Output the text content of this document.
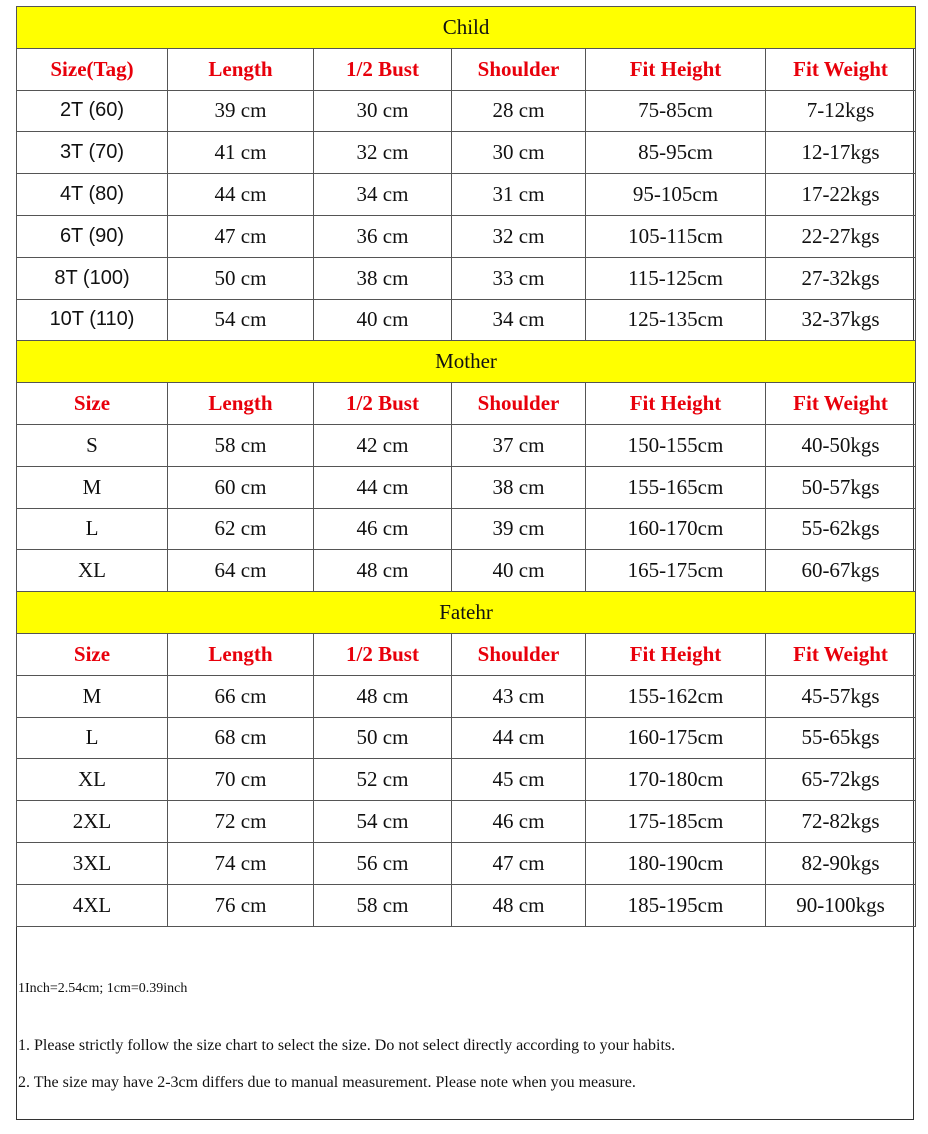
Child					
Size(Tag)	Length	1/2 Bust	Shoulder	Fit Height	Fit Weight
2T (60)	39 cm	30 cm	28 cm	75-85cm	7-12kgs
3T (70)	41 cm	32 cm	30 cm	85-95cm	12-17kgs
4T (80)	44 cm	34 cm	31 cm	95-105cm	17-22kgs
6T (90)	47 cm	36 cm	32 cm	105-115cm	22-27kgs
8T (100)	50 cm	38 cm	33 cm	115-125cm	27-32kgs
10T (110)	54 cm	40 cm	34 cm	125-135cm	32-37kgs
Mother					
Size	Length	1/2 Bust	Shoulder	Fit Height	Fit Weight
S	58 cm	42 cm	37 cm	150-155cm	40-50kgs
M	60 cm	44 cm	38 cm	155-165cm	50-57kgs
L	62 cm	46 cm	39 cm	160-170cm	55-62kgs
XL	64 cm	48 cm	40 cm	165-175cm	60-67kgs
Fatehr					
Size	Length	1/2 Bust	Shoulder	Fit Height	Fit Weight
M	66 cm	48 cm	43 cm	155-162cm	45-57kgs
L	68 cm	50 cm	44 cm	160-175cm	55-65kgs
XL	70 cm	52 cm	45 cm	170-180cm	65-72kgs
2XL	72 cm	54 cm	46 cm	175-185cm	72-82kgs
3XL	74 cm	56 cm	47 cm	180-190cm	82-90kgs
4XL	76 cm	58 cm	48 cm	185-195cm	90-100kgs
1Inch=2.54cm; 1cm=0.39inch
1. Please strictly follow the size chart to select the size. Do not select directly according to your habits.
2. The size may have 2-3cm differs due to manual measurement. Please note when you measure.
